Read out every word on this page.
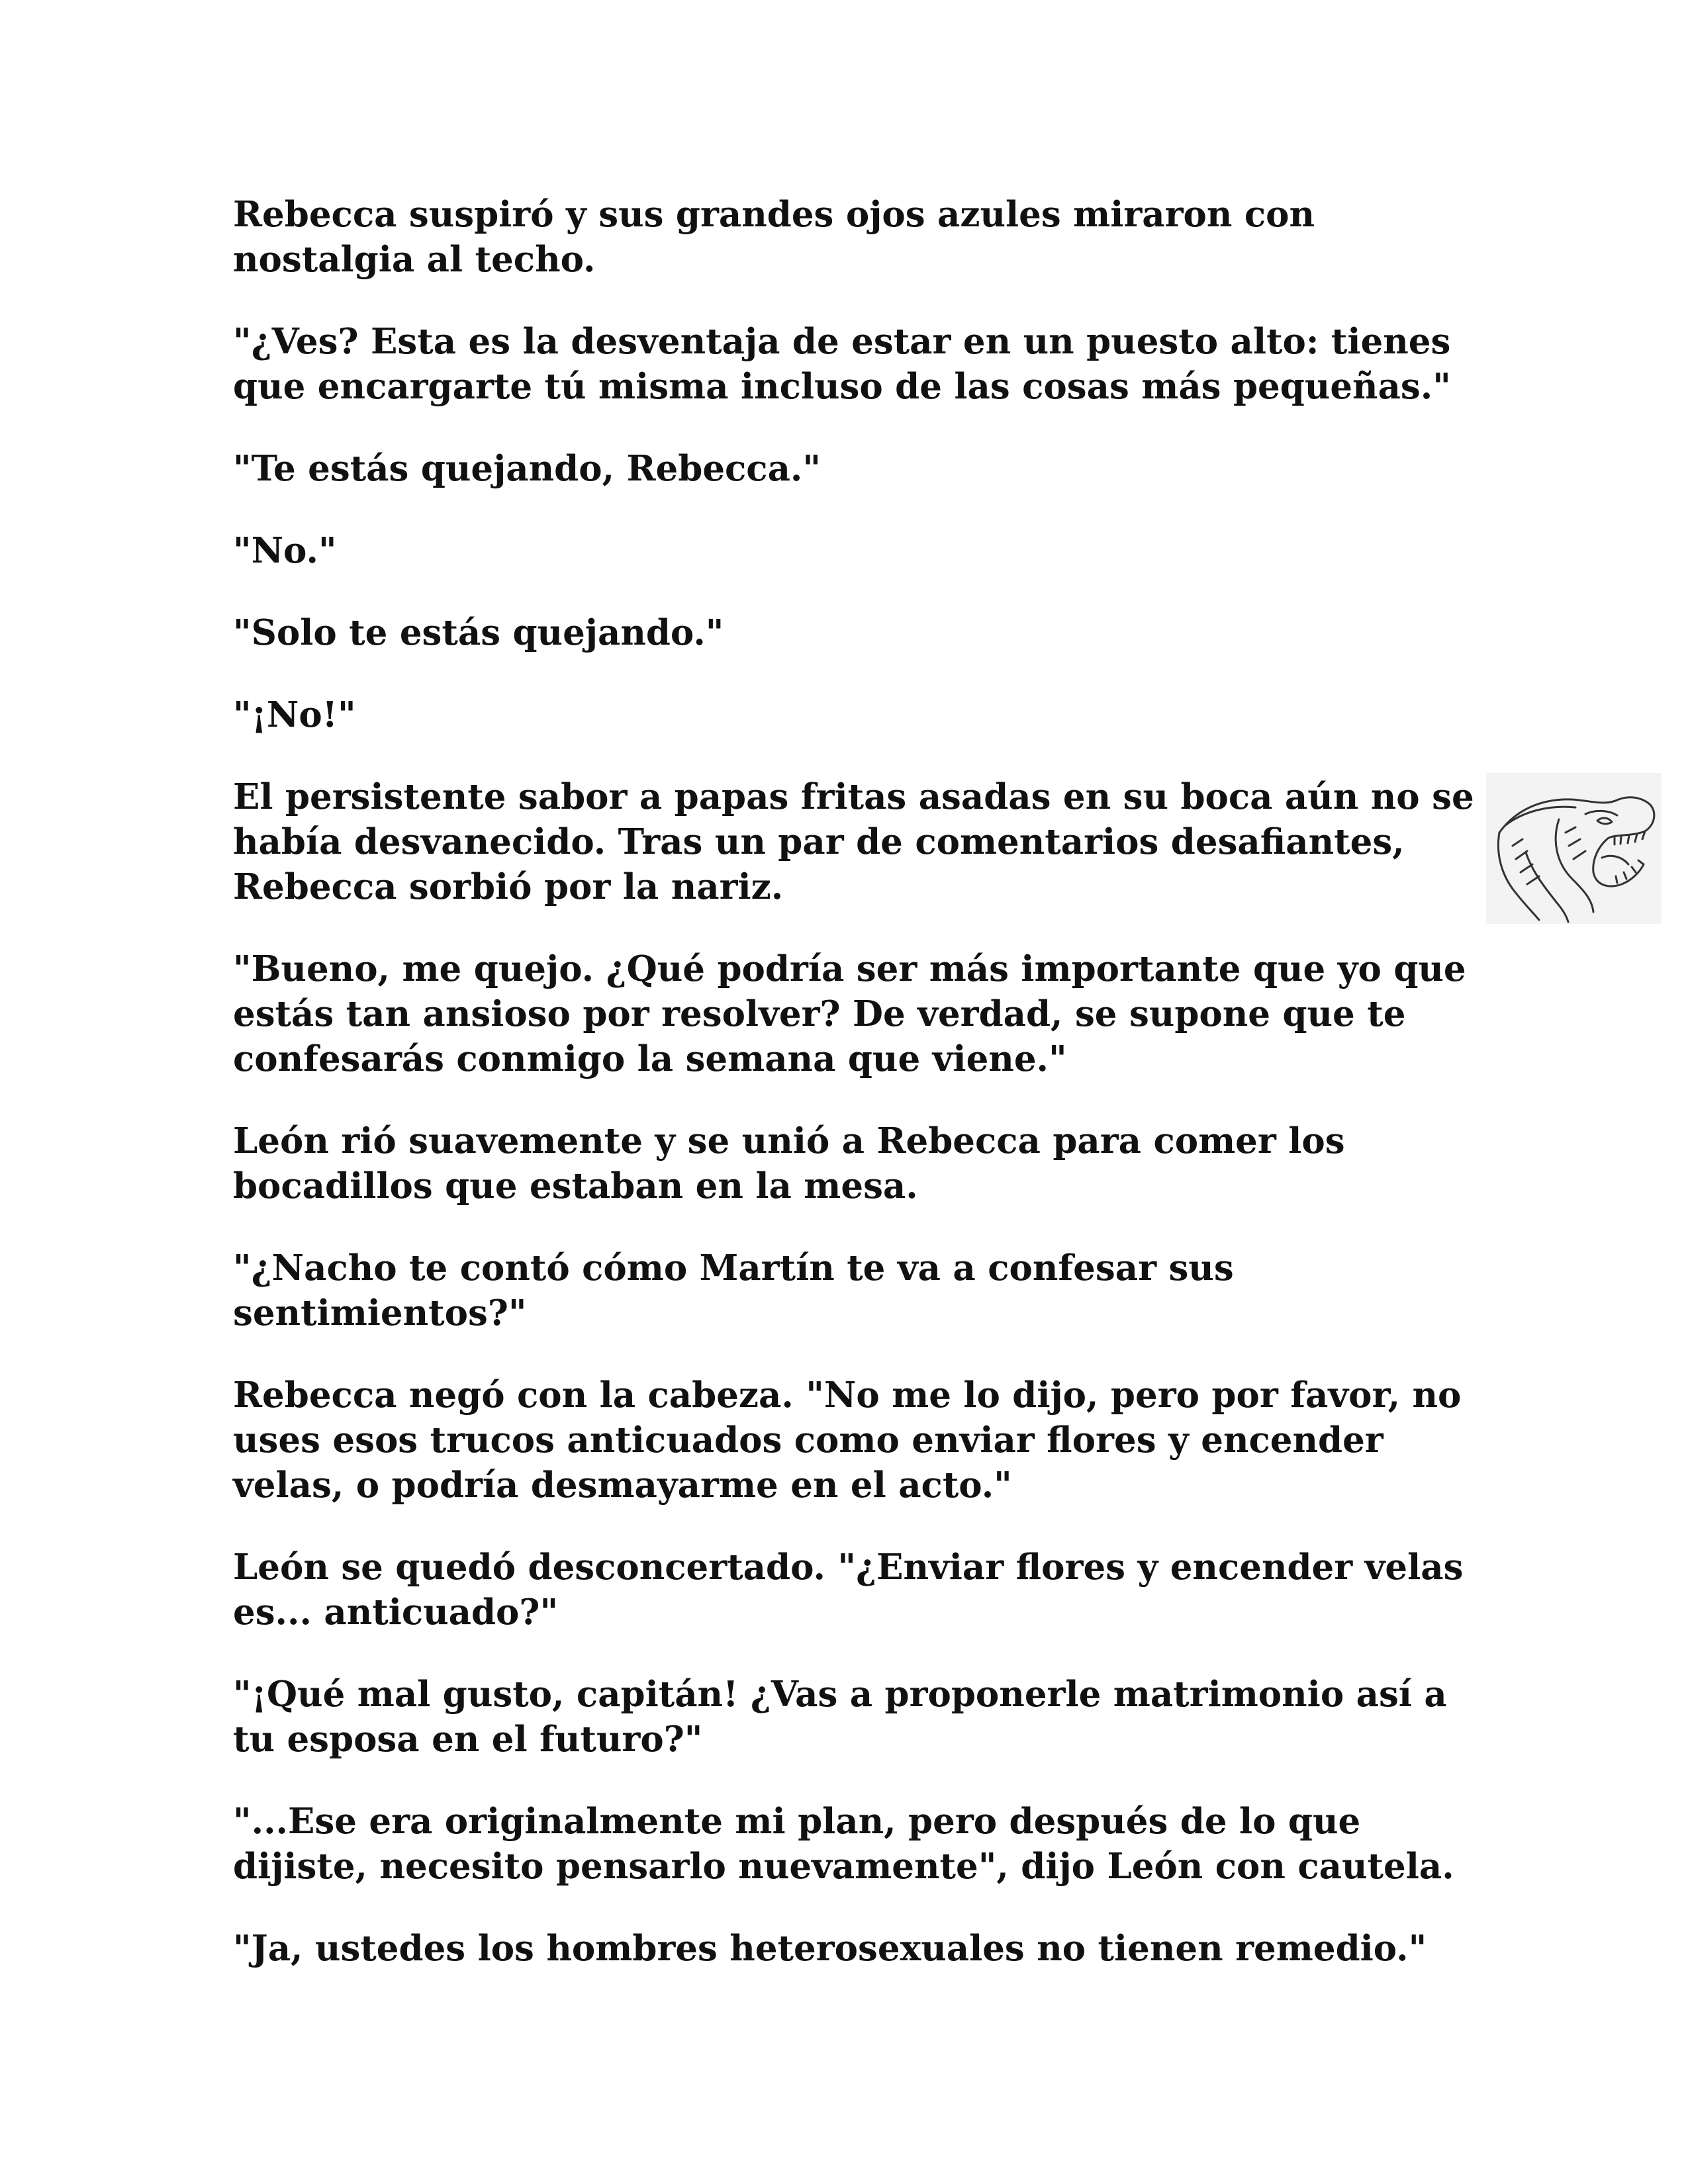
Rebecca suspiró y sus grandes ojos azules miraron con nostalgia al techo.

"¿Ves? Esta es la desventaja de estar en un puesto alto: tienes que encargarte tú misma incluso de las cosas más pequeñas."

"Te estás quejando, Rebecca."

"No."

"Solo te estás quejando."

"¡No!"

El persistente sabor a papas fritas asadas en su boca aún no se había desvanecido. Tras un par de comentarios desafiantes, Rebecca sorbió por la nariz.

"Bueno, me quejo. ¿Qué podría ser más importante que yo que estás tan ansioso por resolver? De verdad, se supone que te confesarás conmigo la semana que viene."

León rió suavemente y se unió a Rebecca para comer los bocadillos que estaban en la mesa.

"¿Nacho te contó cómo Martín te va a confesar sus sentimientos?"

Rebecca negó con la cabeza. "No me lo dijo, pero por favor, no uses esos trucos anticuados como enviar flores y encender velas, o podría desmayarme en el acto."

León se quedó desconcertado. "¿Enviar flores y encender velas es... anticuado?"

"¡Qué mal gusto, capitán! ¿Vas a proponerle matrimonio así a tu esposa en el futuro?"

"...Ese era originalmente mi plan, pero después de lo que dijiste, necesito pensarlo nuevamente", dijo León con cautela.

"Ja, ustedes los hombres heterosexuales no tienen remedio."
